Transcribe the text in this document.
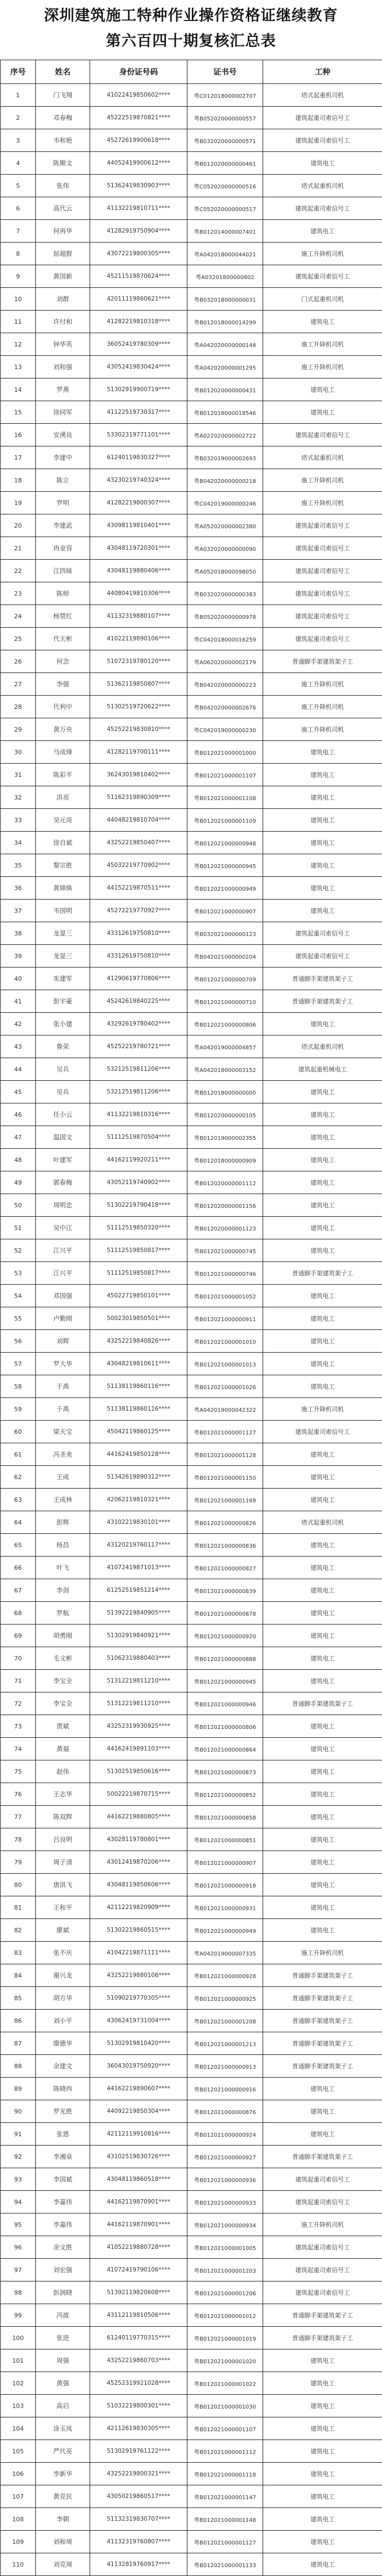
深圳建筑施工特种作业操作资格证继续教育
第六百四十期复核汇总表
序号	姓名	身份证号码	证书号	工种
1	门飞翔	41022419850602****	粤C012018000002707	塔式起重机司机
2	邓春梅	45222519870821****	粤B052020000000557	建筑起重司索信号工
3	韦和艳	45272619900618****	粤B032020000000571	建筑起重司索信号工
4	陈顺文	44052419900612****	粤B012020000000461	建筑电工
5	张伟	51362419830903****	粤C052020000000516	塔式起重机司机
6	高代云	41132219810711****	粤C052020000000517	建筑起重司索信号工
7	何再华	41282919750904****	粤B012014000007401	建筑电工
8	屈超群	43072219800305****	粤A042018000044021	施工升降机司机
9	黄国新	45211519870624****	粤A03201800000802	建筑起重司索信号工
10	刘群	42011119860621****	粤B032018000000031	门式起重机司机
11	许付和	41282219810318****	粤B012018000014299	建筑电工
12	钟华英	36052419780309****	粤A042020000000148	施工升降机司机
13	刘和强	43052419830424****	粤A042020000001295	施工升降机司机
14	罗燕	51302919900719****	粤B012020000000431	建筑电工
15	徐同军	41122519730317****	粤B012018000018546	建筑电工
16	安湧良	53302319771101****	粤A022020000002722	建筑起重司索信号工
17	李建中	61240119830327****	粤B032019000002693	塔式起重机司机
18	陈立	43230219740324****	粤B042020000000218	施工升降机司机
19	罗明	41282219800307****	粤C042019000000246	施工升降机司机
20	李建武	43098119810401****	粤A052020000002380	建筑起重司索信号工
21	冉金容	43048119720301****	粤A032020000000090	建筑起重司索信号工
22	江四妹	43048119880406****	粤A052018000098050	建筑起重司索信号工
23	陈师	44080419810306****	粤B032020000000383	建筑起重司索信号工
24	杨禁红	41132319880107****	粤B052020000000978	建筑起重司索信号工
25	代天彬	41022119890106****	粤C042018000016259	建筑起重司索信号工
26	何念	51072319780120****	粤A062020000002179	普通脚手架建筑架子工
27	李强	51362119850807****	粤B042020000000223	施工升降机司机
28	代利中	51302519720622****	粤B042020000002676	施工升降机司机
29	黄万央	45252219830810****	粤C042019000000230	施工升降机司机
30	马成烽	41282119700111****	粤B012021000001000	建筑电工
31	陈彩平	36243019810402****	粤B012021000001107	建筑电工
32	洪亮	51162319890309****	粤B012021000001108	建筑电工
33	吴元亮	44048219810704****	粤B012021000001109	建筑电工
34	徐自斌	43252219850407****	粤B012021000000948	建筑电工
35	黎宗胜	45032219770902****	粤B012021000000945	建筑电工
36	黄锦焕	44152219870511****	粤B012021000000949	建筑电工
37	韦国明	45272219770927****	粤B012021000000907	建筑电工
38	龙显三	43312619750810****	粤B032021000000123	建筑起重司索信号工
39	龙显三	43312619750810****	粤B042021000000204	建筑起重司索信号工
40	朱建军	41290619770806****	粤B012021000000709	普通脚手架建筑架子工
41	彭宇豪	45242619840225****	粤B012021000000710	普通脚手架建筑架子工
42	张小建	43292619780402****	粤B012021000000806	建筑电工
43	鲁荣	45252219780721****	粤A042019000004857	塔式起重机司机
44	吴兵	53212519811206****	粤A042018000003152	建筑起重机械电工
45	吴兵	53212519811206****	粤B012018000000000	建筑电工
46	任小云	41132219810316****	粤B012020000000105	建筑电工
47	温国文	51112519870504****	粤B012019000002355	建筑电工
48	叶建军	44162119920211****	粤B012018000000909	建筑电工
49	郭春梅	43052119740902****	粤B012020000001112	建筑电工
50	周明忠	51302219790418****	粤B012020000001156	建筑电工
51	吴中江	51112519850320****	粤B012020000001123	建筑电工
52	江兴平	51112519850817****	粤B012021000000745	建筑电工
53	江兴平	51112519850817****	粤B012021000000746	普通脚手架建筑架子工
54	邓国强	45022719850101****	粤B012021000001052	建筑电工
55	卢勤刚	50023019850501****	粤B012021000000911	建筑电工
56	刘辉	43252219840826****	粤B012021000001010	建筑电工
57	罗大华	43048219810611****	粤B012021000001013	建筑电工
58	于禹	51138119860116****	粤B012021000001026	建筑电工
59	于禹	51138119860116****	粤A042019000042322	施工升降机司机
60	梁天宝	45042119860125****	粤B012021000001127	建筑起重司索信号工
61	冯圣美	44162419850128****	粤B012021000001128	建筑电工
62	王成	51342619890312****	粤B012021000001150	建筑电工
63	王成林	42062119810321****	粤B012021000001169	建筑电工
64	彭辉	43102219830101****	粤B012021000000826	塔式起重机司机
65	杨昌	43120219760117****	粤B012021000000836	建筑电工
66	叶飞	41072419871013****	粤B012021000000827	建筑电工
67	李剑	61252519851214****	粤B012021000000839	建筑电工
68	罗航	51392219840905****	粤B012021000000878	建筑电工
69	胡勇刚	51302919840921****	粤B012021000000920	建筑电工
70	毛文彬	51062319880403****	粤B012021000000888	建筑电工
71	李宝全	51312219811210****	粤B012021000000945	建筑电工
72	李宝全	51312219811210****	粤B012021000000946	普通脚手架建筑架子工
73	贾斌	43252319930925****	粤B012021000000806	建筑电工
74	黄福	44162419891103****	粤B012021000000864	建筑电工
75	赵伟	51302519850616****	粤B012021000000873	建筑电工
76	王志华	50022219870715****	粤B012021000000852	建筑电工
77	陈双辉	44162219880805****	粤B012021000000858	建筑电工
78	吕良明	43028119780801****	粤B012021000000851	建筑电工
79	周子清	43012419870206****	粤B012021000000907	建筑电工
80	唐洪飞	43048119850606****	粤B012021000000918	建筑电工
81	王和平	42112219820909****	粤B012021000000931	建筑电工
82	廖斌	51302219860515****	粤B012021000000949	建筑电工
83	张不庆	41042219871111****	粤A042019000007335	施工升降机司机
84	谢兴龙	43252219880106****	粤B012021000000928	普通脚手架建筑架子工
85	胡方华	51090219770305****	粤B012021000000925	普通脚手架建筑架子工
86	刘小平	43062419731004****	粤B012021000001208	普通脚手架建筑架子工
87	廖德华	51302919810420****	粤B012021000001213	普通脚手架建筑架子工
88	余建文	36043019750920****	粤B012021000000913	普通脚手架建筑架子工
89	陈晓冉	44162219890607****	粤B012021000000916	建筑电工
90	罗光胜	44092219850304****	粤B012021000000876	建筑电工
91	张恩	42112119910816****	粤B012021000000924	建筑电工
92	李湘泉	43102519830726****	粤B012021000000927	普通脚手架建筑架子工
93	李国斌	43048119860518****	粤B012021000000936	建筑起重司索信号工
94	李嘉伟	44162119870901****	粤B012021000000933	建筑起重司索信号工
95	李嘉伟	44162119870901****	粤B012021000000934	施工升降机司机
96	余文胜	41052219880728****	粤B012021000001005	建筑起重司索信号工
97	刘宏强	41072419790106****	粤B012021000001203	建筑起重司索信号工
98	彭润晓	51392119820608****	粤B012021000001206	建筑起重司索信号工
99	冯波	43112119810506****	粤B012021000001012	普通脚手架建筑架子工
100	张进	61240119770315****	粤B012021000001019	普通脚手架建筑架子工
101	周强	43252219860703****	粤B012021000001020	建筑电工
102	黄强	45252319921028****	粤B012021000001022	建筑电工
103	高启	51032219800301****	粤B012021000001030	建筑电工
104	涂玉凤	42112619830305****	粤B012021000001107	建筑电工
105	严代亮	51302919761122****	粤B012021000001112	建筑电工
106	李新华	43252219800321****	粤B012021000001118	建筑电工
107	黄克民	43050219860517****	粤B012021000001147	建筑电工
108	李朝	51132319830707****	粤B012021000001148	建筑电工
109	刘和周	41132319760807****	粤B012021000001127	建筑电工
110	刘克周	41132819760917****	粤B012021000001133	建筑电工
